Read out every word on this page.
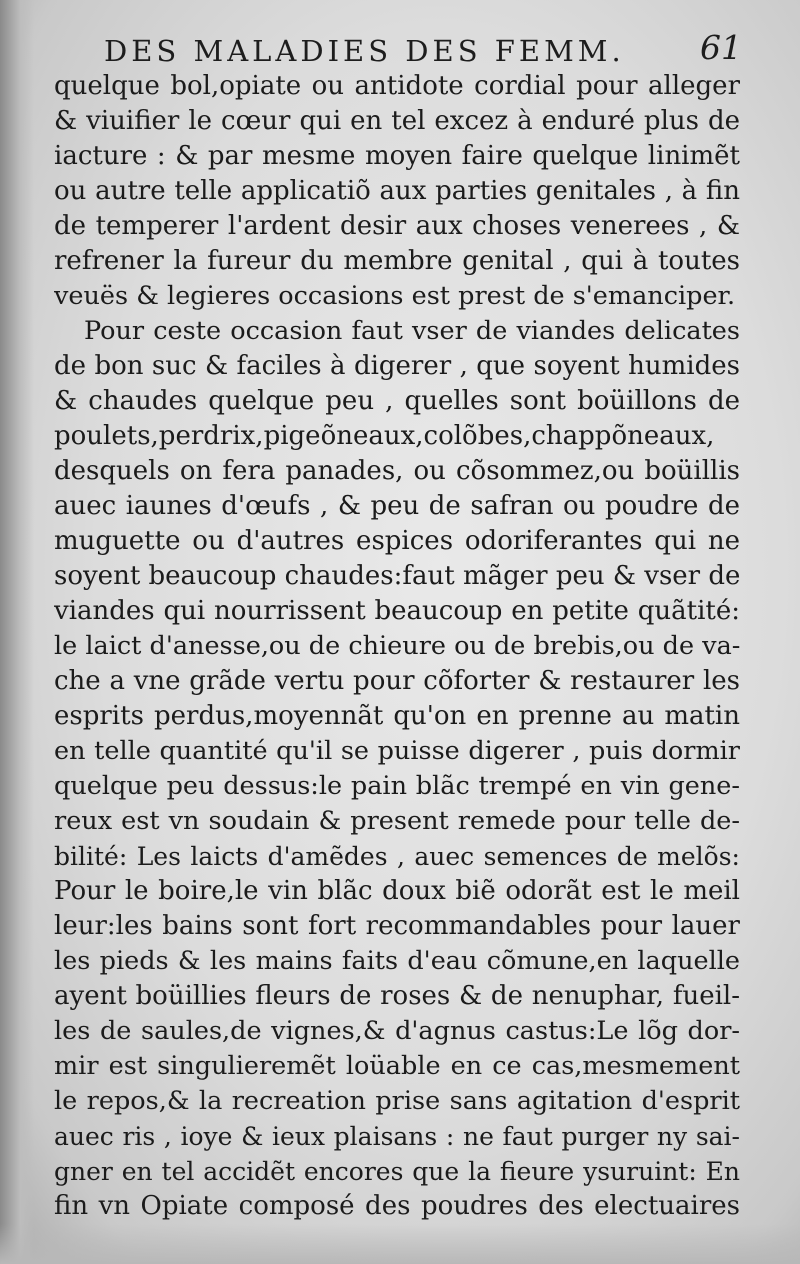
DES MALADIES DES FEMM.	61
quelque bol,opiate ou antidote cordial pour alleger
& viuifier le cœur qui en tel excez à enduré plus de
iacture : & par mesme moyen faire quelque linimẽt
ou autre telle applicatiõ aux parties genitales , à fin
de temperer l'ardent desir aux choses venerees , &
refrener la fureur du membre genital , qui à toutes
veuës & legieres occasions est prest de s'emanciper.
Pour ceste occasion faut vser de viandes delicates
de bon suc & faciles à digerer , que soyent humides
& chaudes quelque peu , quelles sont boüillons de
poulets,perdrix,pigeõneaux,colõbes,chappõneaux,
desquels on fera panades, ou cõsommez,ou boüillis
auec iaunes d'œufs , & peu de safran ou poudre de
muguette ou d'autres espices odoriferantes qui ne
soyent beaucoup chaudes:faut mãger peu & vser de
viandes qui nourrissent beaucoup en petite quãtité:
le laict d'anesse,ou de chieure ou de brebis,ou de va-
che a vne grãde vertu pour cõforter & restaurer les
esprits perdus,moyennãt qu'on en prenne au matin
en telle quantité qu'il se puisse digerer , puis dormir
quelque peu dessus:le pain blãc trempé en vin gene-
reux est vn soudain & present remede pour telle de-
bilité: Les laicts d'amẽdes , auec semences de melõs:
Pour le boire,le vin blãc doux biẽ odorãt est le meil
leur:les bains sont fort recommandables pour lauer
les pieds & les mains faits d'eau cõmune,en laquelle
ayent boüillies fleurs de roses & de nenuphar, fueil-
les de saules,de vignes,& d'agnus castus:Le lõg dor-
mir est singulieremẽt loüable en ce cas,mesmement
le repos,& la recreation prise sans agitation d'esprit
auec ris , ioye & ieux plaisans : ne faut purger ny sai-
gner en tel accidẽt encores que la fieure ysuruint: En
fin vn Opiate composé des poudres des electuaires
